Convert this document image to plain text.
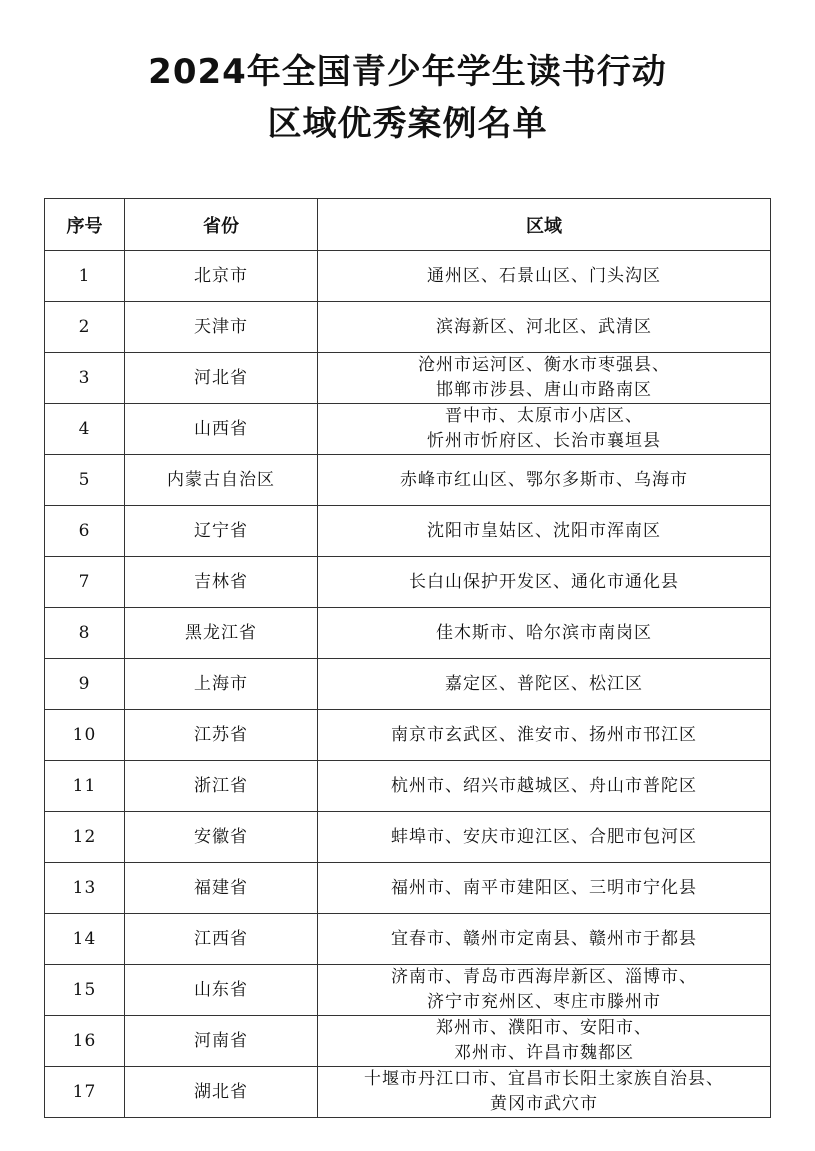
2024年全国青少年学生读书行动
区域优秀案例名单
序号	省份	区域
1	北京市	通州区、石景山区、门头沟区

2	天津市	滨海新区、河北区、武清区

3	河北省	沧州市运河区、衡水市枣强县、
邯郸市涉县、唐山市路南区

4	山西省	晋中市、太原市小店区、
忻州市忻府区、长治市襄垣县

5	内蒙古自治区	赤峰市红山区、鄂尔多斯市、乌海市

6	辽宁省	沈阳市皇姑区、沈阳市浑南区

7	吉林省	长白山保护开发区、通化市通化县

8	黑龙江省	佳木斯市、哈尔滨市南岗区

9	上海市	嘉定区、普陀区、松江区

10	江苏省	南京市玄武区、淮安市、扬州市邗江区

11	浙江省	杭州市、绍兴市越城区、舟山市普陀区

12	安徽省	蚌埠市、安庆市迎江区、合肥市包河区

13	福建省	福州市、南平市建阳区、三明市宁化县

14	江西省	宜春市、赣州市定南县、赣州市于都县

15	山东省	济南市、青岛市西海岸新区、淄博市、
济宁市兖州区、枣庄市滕州市

16	河南省	郑州市、濮阳市、安阳市、
邓州市、许昌市魏都区

17	湖北省	十堰市丹江口市、宜昌市长阳土家族自治县、
黄冈市武穴市
